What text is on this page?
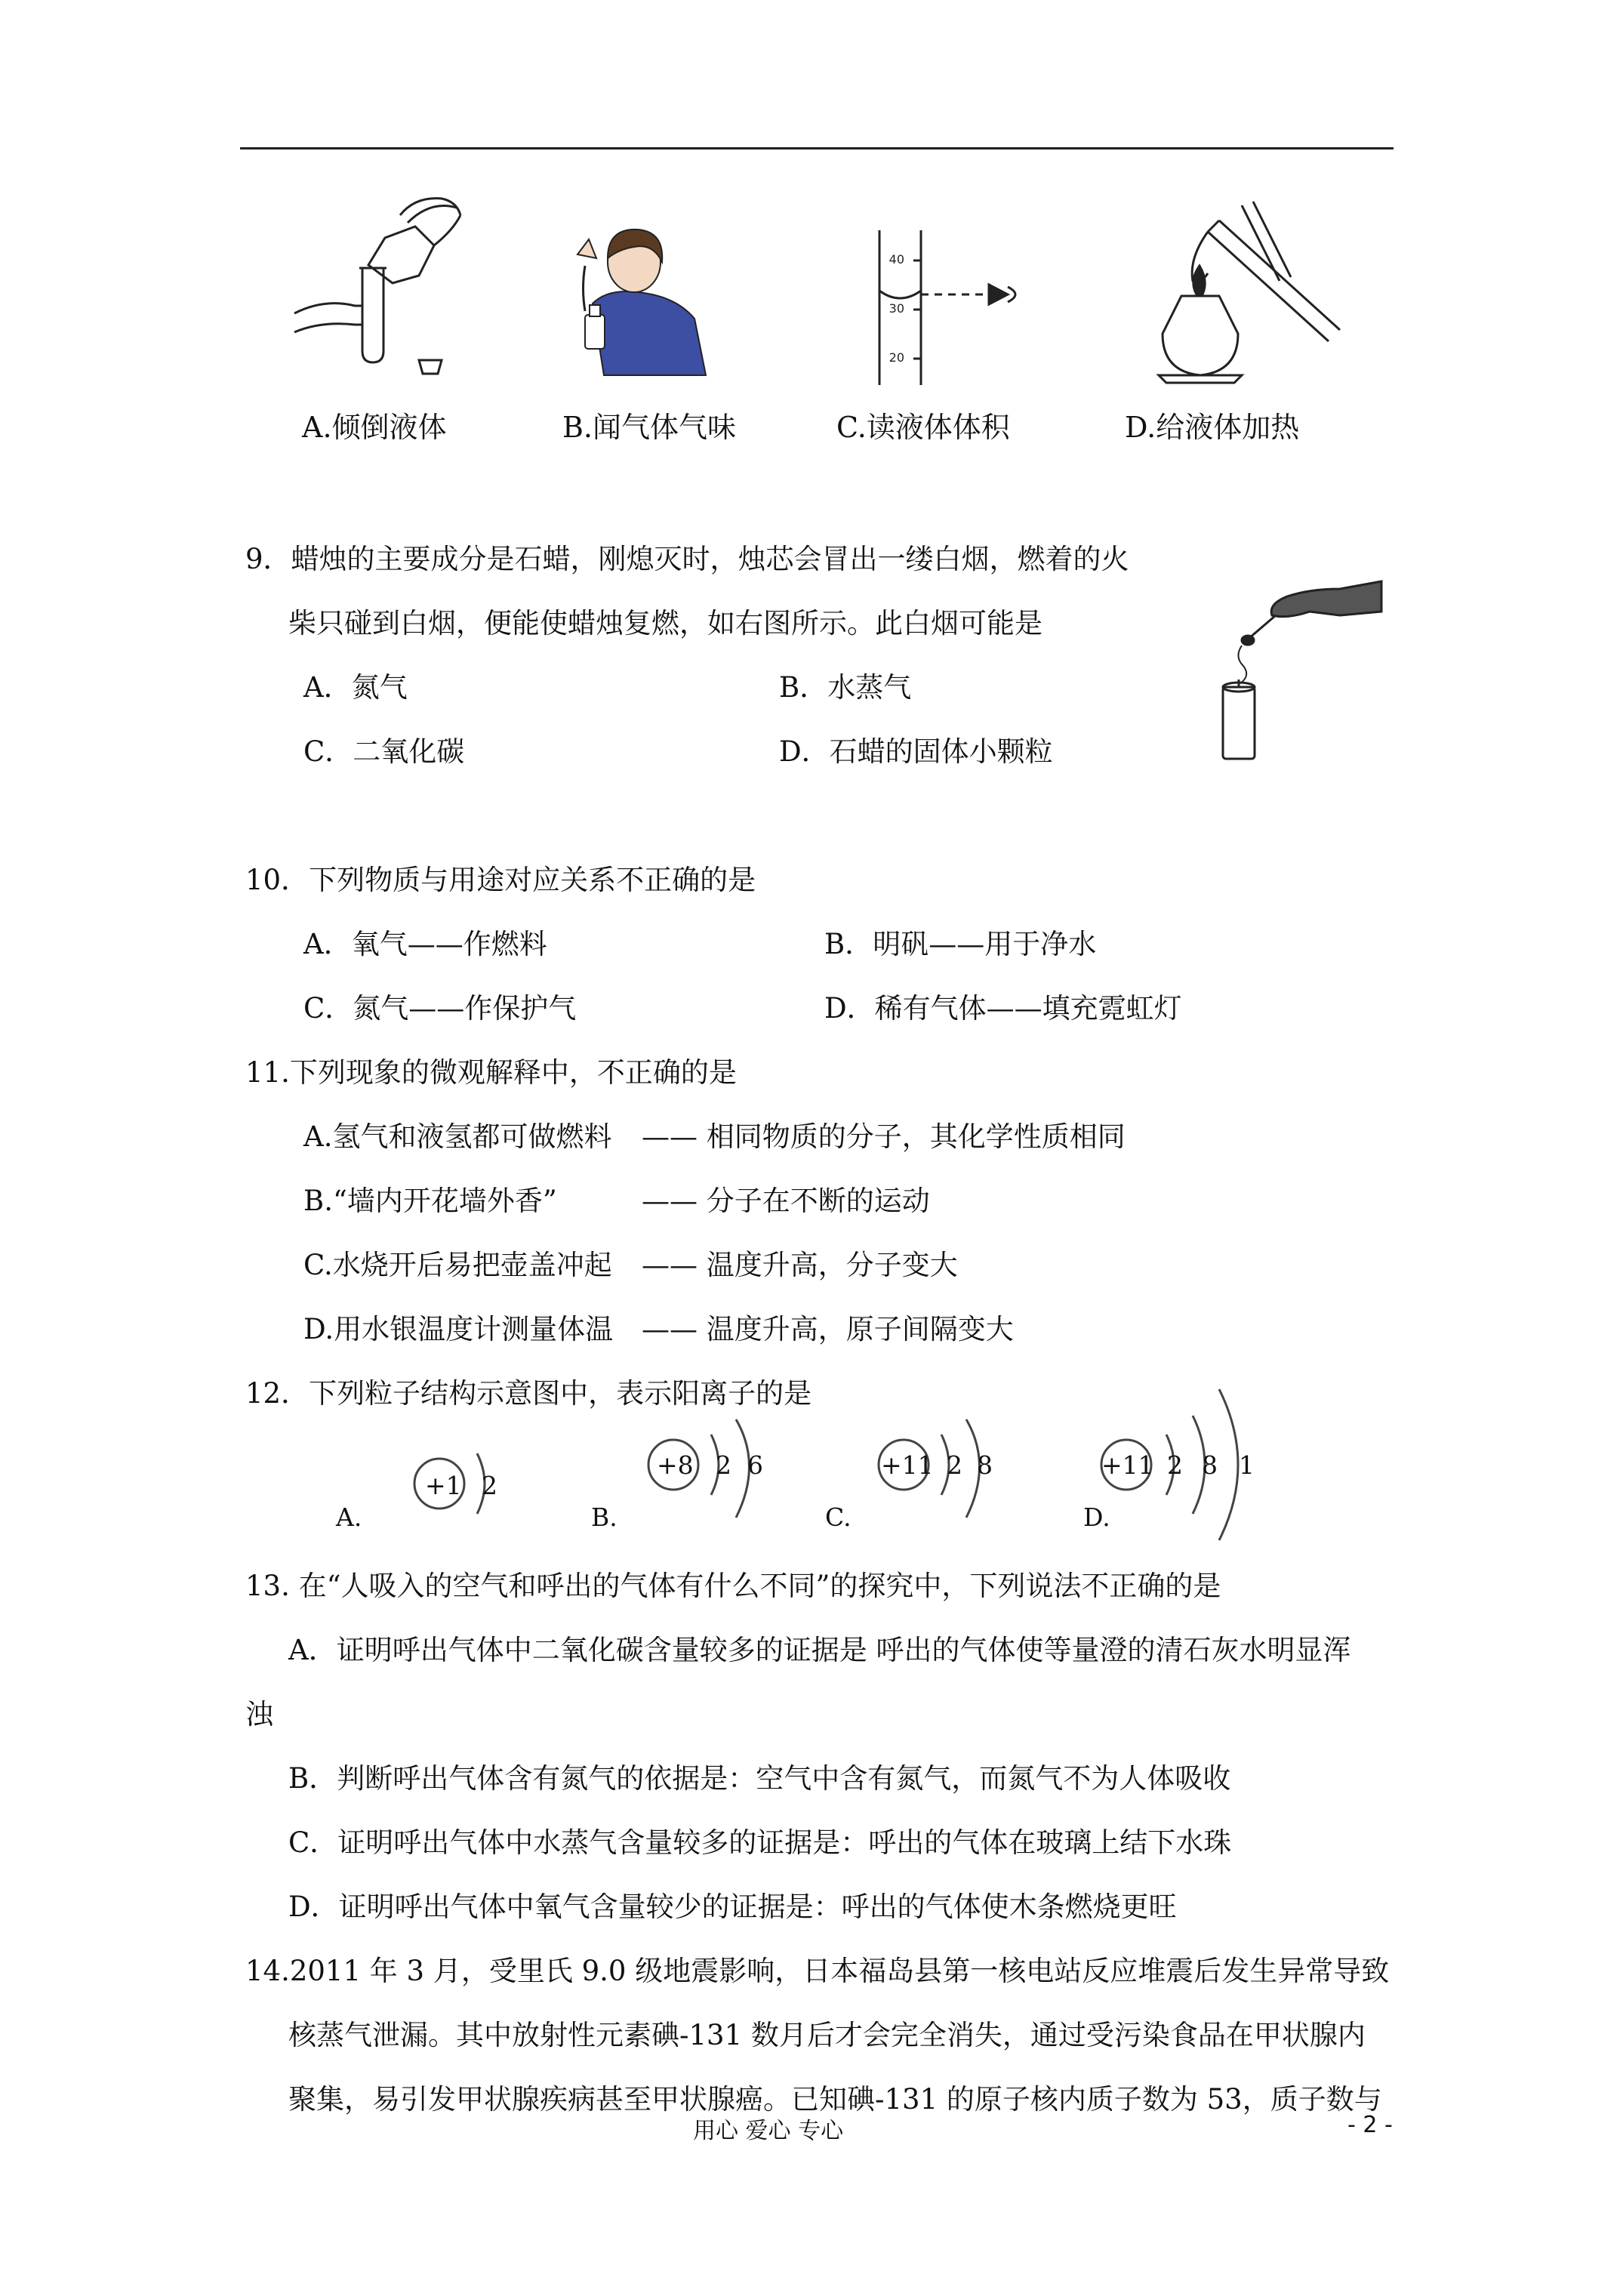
40
30
20
A.倾倒液体	B.闻气体气味	C.读液体体积	D.给液体加热
9．蜡烛的主要成分是石蜡，刚熄灭时，烛芯会冒出一缕白烟，燃着的火
柴只碰到白烟，便能使蜡烛复燃，如右图所示。此白烟可能是
A．氮气	B．水蒸气
C．二氧化碳	D．石蜡的固体小颗粒
10．下列物质与用途对应关系不正确的是
A．氧气——作燃料	B．明矾——用于净水
C．氮气——作保护气	D．稀有气体——填充霓虹灯
11.下列现象的微观解释中，不正确的是
A.氢气和液氢都可做燃料 —— 相同物质的分子，其化学性质相同
B.“墙内开花墙外香”	—— 分子在不断的运动
C.水烧开后易把壶盖冲起 —— 温度升高，分子变大
D.用水银温度计测量体温 —— 温度升高，原子间隔变大
12．下列粒子结构示意图中，表示阳离子的是
+1 2
A.
+8 2 6
B.
+11 2 8
C.
+11 2 8 1
D.
13. 在“人吸入的空气和呼出的气体有什么不同”的探究中，下列说法不正确的是
A．证明呼出气体中二氧化碳含量较多的证据是 呼出的气体使等量澄的清石灰水明显浑
浊
B．判断呼出气体含有氮气的依据是：空气中含有氮气，而氮气不为人体吸收
C．证明呼出气体中水蒸气含量较多的证据是：呼出的气体在玻璃上结下水珠
D．证明呼出气体中氧气含量较少的证据是：呼出的气体使木条燃烧更旺
14.2011 年 3 月，受里氏 9.0 级地震影响，日本福岛县第一核电站反应堆震后发生异常导致
核蒸气泄漏。其中放射性元素碘-131 数月后才会完全消失，通过受污染食品在甲状腺内
聚集，易引发甲状腺疾病甚至甲状腺癌。已知碘-131 的原子核内质子数为 53，质子数与
用心 爱心 专心	- 2 -
